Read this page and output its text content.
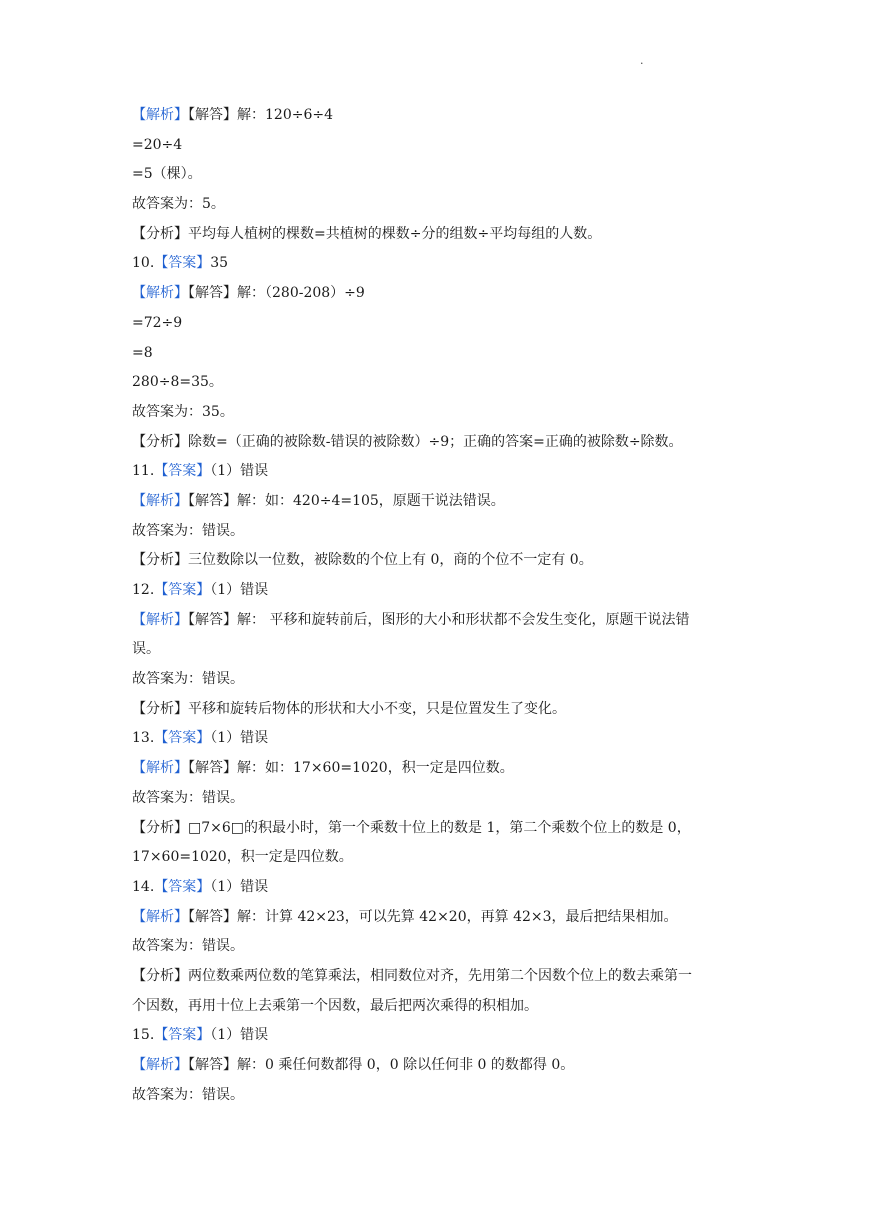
.
【解析】【解答】解：120÷6÷4
=20÷4
=5（棵）。
故答案为：5。
【分析】平均每人植树的棵数=共植树的棵数÷分的组数÷平均每组的人数。
10.【答案】35
【解析】【解答】解：（280-208）÷9
=72÷9
=8
280÷8=35。
故答案为：35。
【分析】除数=（正确的被除数-错误的被除数）÷9；正确的答案=正确的被除数÷除数。
11.【答案】（1）错误
【解析】【解答】解：如：420÷4=105，原题干说法错误。
故答案为：错误。
【分析】三位数除以一位数，被除数的个位上有 0，商的个位不一定有 0。
12.【答案】（1）错误
【解析】【解答】解： 平移和旋转前后，图形的大小和形状都不会发生变化，原题干说法错
误。
故答案为：错误。
【分析】平移和旋转后物体的形状和大小不变，只是位置发生了变化。
13.【答案】（1）错误
【解析】【解答】解：如：17×60=1020，积一定是四位数。
故答案为：错误。
【分析】□7×6□的积最小时，第一个乘数十位上的数是 1，第二个乘数个位上的数是 0，
17×60=1020，积一定是四位数。
14.【答案】（1）错误
【解析】【解答】解：计算 42×23，可以先算 42×20，再算 42×3，最后把结果相加。
故答案为：错误。
【分析】两位数乘两位数的笔算乘法，相同数位对齐，先用第二个因数个位上的数去乘第一
个因数，再用十位上去乘第一个因数，最后把两次乘得的积相加。
15.【答案】（1）错误
【解析】【解答】解：0 乘任何数都得 0，0 除以任何非 0 的数都得 0。
故答案为：错误。
